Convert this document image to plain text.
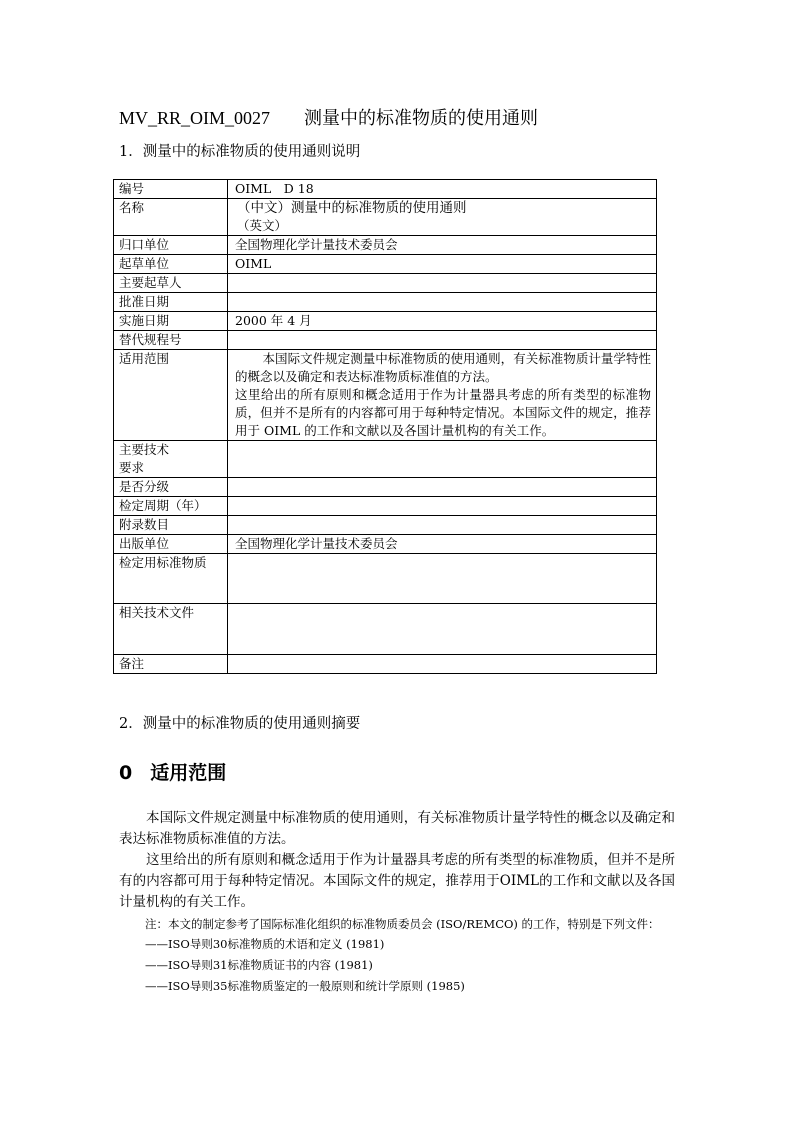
MV_RR_OIM_0027 测量中的标准物质的使用通则
1．测量中的标准物质的使用通则说明
编号	OIML　D 18
名称	（中文）测量中的标准物质的使用通则
（英文）

归口单位	全国物理化学计量技术委员会
起草单位	OIML
主要起草人	
批准日期	
实施日期	2000 年 4 月
替代规程号	
适用范围	本国际文件规定测量中标准物质的使用通则，有关标准物质计量学特性的概念以及确定和表达标准物质标准值的方法。
这里给出的所有原则和概念适用于作为计量器具考虑的所有类型的标准物质，但并不是所有的内容都可用于每种特定情况。本国际文件的规定，推荐用于 OIML 的工作和文献以及各国计量机构的有关工作。

主要技术
要求	

是否分级	
检定周期（年）	
附录数目	
出版单位	全国物理化学计量技术委员会
检定用标准物质	
相关技术文件	
备注	
2．测量中的标准物质的使用通则摘要
0 适用范围
本国际文件规定测量中标准物质的使用通则，有关标准物质计量学特性的概念以及确定和表达标准物质标准值的方法。
这里给出的所有原则和概念适用于作为计量器具考虑的所有类型的标准物质，但并不是所有的内容都可用于每种特定情况。本国际文件的规定，推荐用于OIML的工作和文献以及各国计量机构的有关工作。
注：本文的制定参考了国际标准化组织的标准物质委员会 (ISO/REMCO) 的工作，特别是下列文件：
——ISO导则30标准物质的术语和定义 (1981)
——ISO导则31标准物质证书的内容 (1981)
——ISO导则35标准物质鉴定的一般原则和统计学原则 (1985)
